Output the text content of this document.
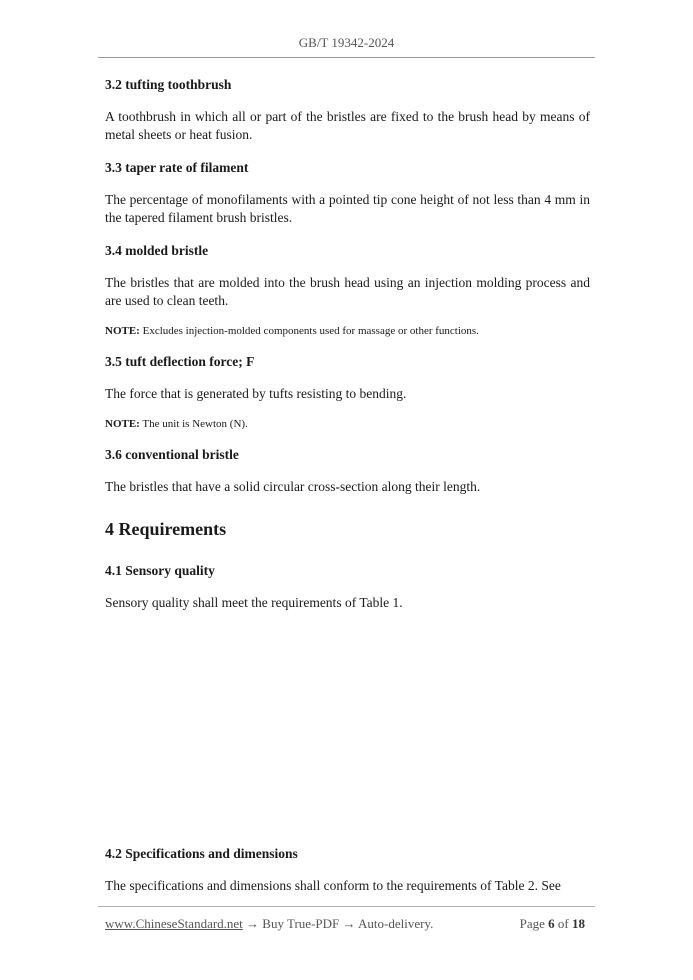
GB/T 19342-2024

3.2 tufting toothbrush

A toothbrush in which all or part of the bristles are fixed to the brush head by means of metal sheets or heat fusion.

3.3 taper rate of filament

The percentage of monofilaments with a pointed tip cone height of not less than 4 mm in the tapered filament brush bristles.

3.4 molded bristle

The bristles that are molded into the brush head using an injection molding process and are used to clean teeth.

NOTE: Excludes injection-molded components used for massage or other functions.

3.5 tuft deflection force; F

The force that is generated by tufts resisting to bending.

NOTE: The unit is Newton (N).

3.6 conventional bristle

The bristles that have a solid circular cross-section along their length.

4 Requirements

4.1 Sensory quality

Sensory quality shall meet the requirements of Table 1.

4.2 Specifications and dimensions

The specifications and dimensions shall conform to the requirements of Table 2. See

www.ChineseStandard.net → Buy True-PDF → Auto-delivery.	Page 6 of 18
